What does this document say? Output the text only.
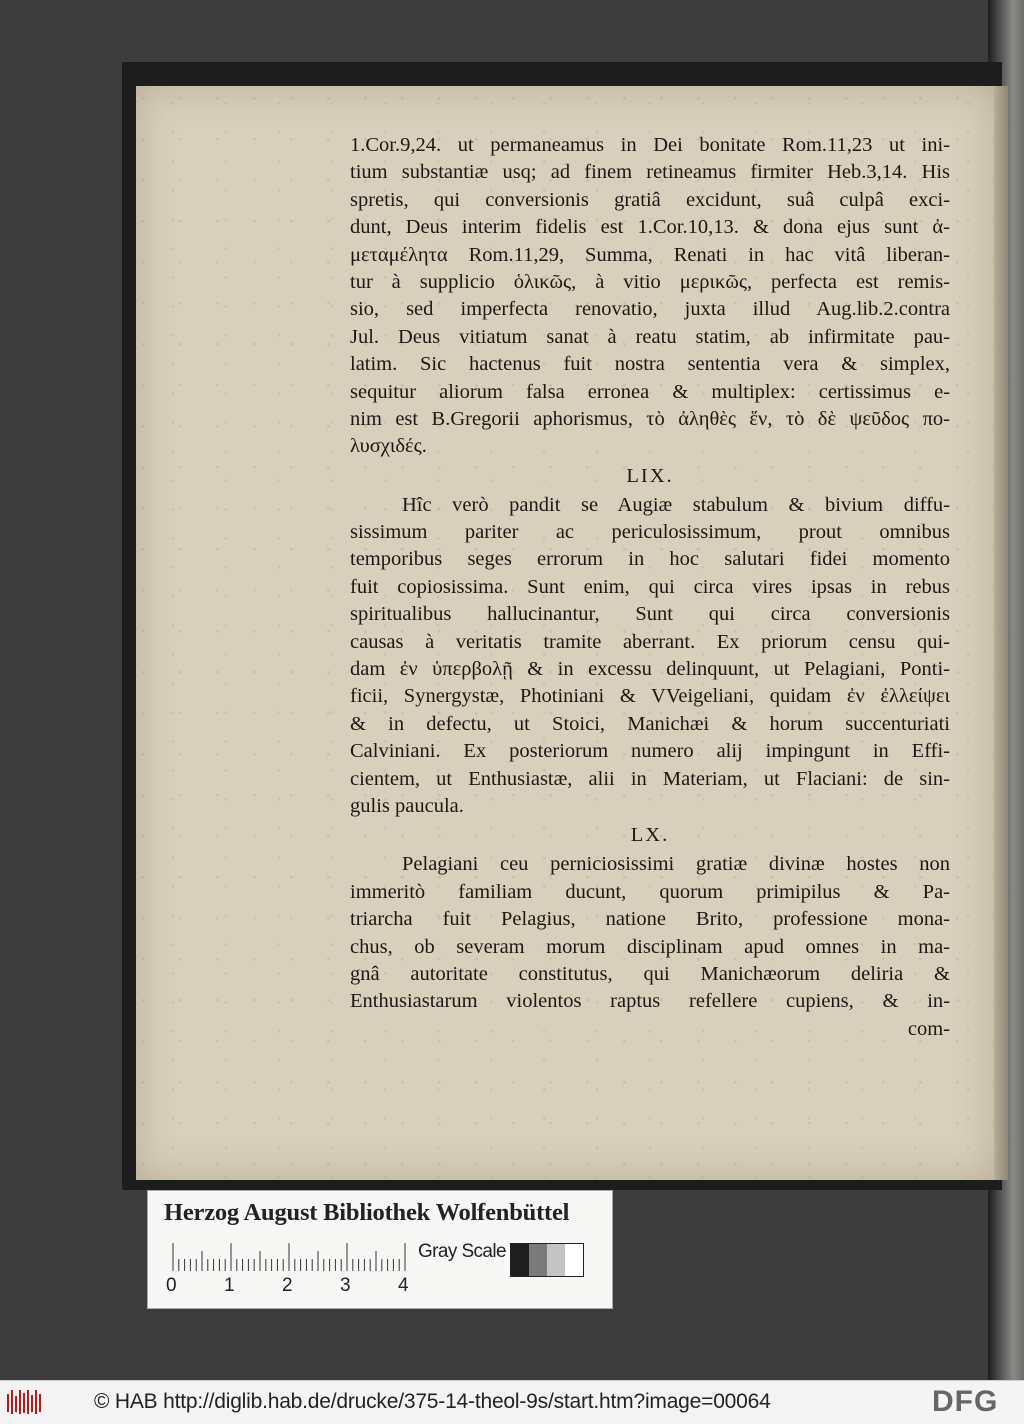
1.Cor.9,24. ut permaneamus in Dei bonitate Rom.11,23 ut ini-
tium substantiæ usq; ad finem retineamus firmiter Heb.3,14. His
spretis, qui conversionis gratiâ excidunt, suâ culpâ exci-
dunt, Deus interim fidelis est 1.Cor.10,13. & dona ejus sunt ἀ-
μεταμέλητα Rom.11,29, Summa, Renati in hac vitâ liberan-
tur à supplicio ὁλικῶς, à vitio μερικῶς, perfecta est remis-
sio, sed imperfecta renovatio, juxta illud Aug.lib.2.contra
Jul. Deus vitiatum sanat à reatu statim, ab infirmitate pau-
latim. Sic hactenus fuit nostra sententia vera & simplex,
sequitur aliorum falsa erronea & multiplex: certissimus e-
nim est B.Gregorii aphorismus, τὸ ἀληθὲς ἕν, τὸ δὲ ψεῦδος πο-
λυσχιδές.
LIX.
Hîc verò pandit se Augiæ stabulum & bivium diffu-
sissimum pariter ac periculosissimum, prout omnibus
temporibus seges errorum in hoc salutari fidei momento
fuit copiosissima. Sunt enim, qui circa vires ipsas in rebus
spiritualibus hallucinantur, Sunt qui circa conversionis
causas à veritatis tramite aberrant. Ex priorum censu qui-
dam ἐν ὑπερβολῇ & in excessu delinquunt, ut Pelagiani, Ponti-
ficii, Synergystæ, Photiniani & VVeigeliani, quidam ἐν ἐλλείψει
& in defectu, ut Stoici, Manichæi & horum succenturiati
Calviniani. Ex posteriorum numero alij impingunt in Effi-
cientem, ut Enthusiastæ, alii in Materiam, ut Flaciani: de sin-
gulis paucula.
LX.
Pelagiani ceu perniciosissimi gratiæ divinæ hostes non
immeritò familiam ducunt, quorum primipilus & Pa-
triarcha fuit Pelagius, natione Brito, professione mona-
chus, ob severam morum disciplinam apud omnes in ma-
gnâ autoritate constitutus, qui Manichæorum deliria &
Enthusiastarum violentos raptus refellere cupiens, & in-
com-
Herzog August Bibliothek Wolfenbüttel
0 1 2 3 4
Gray Scale
© HAB http://diglib.hab.de/drucke/375-14-theol-9s/start.htm?image=00064	DFG
